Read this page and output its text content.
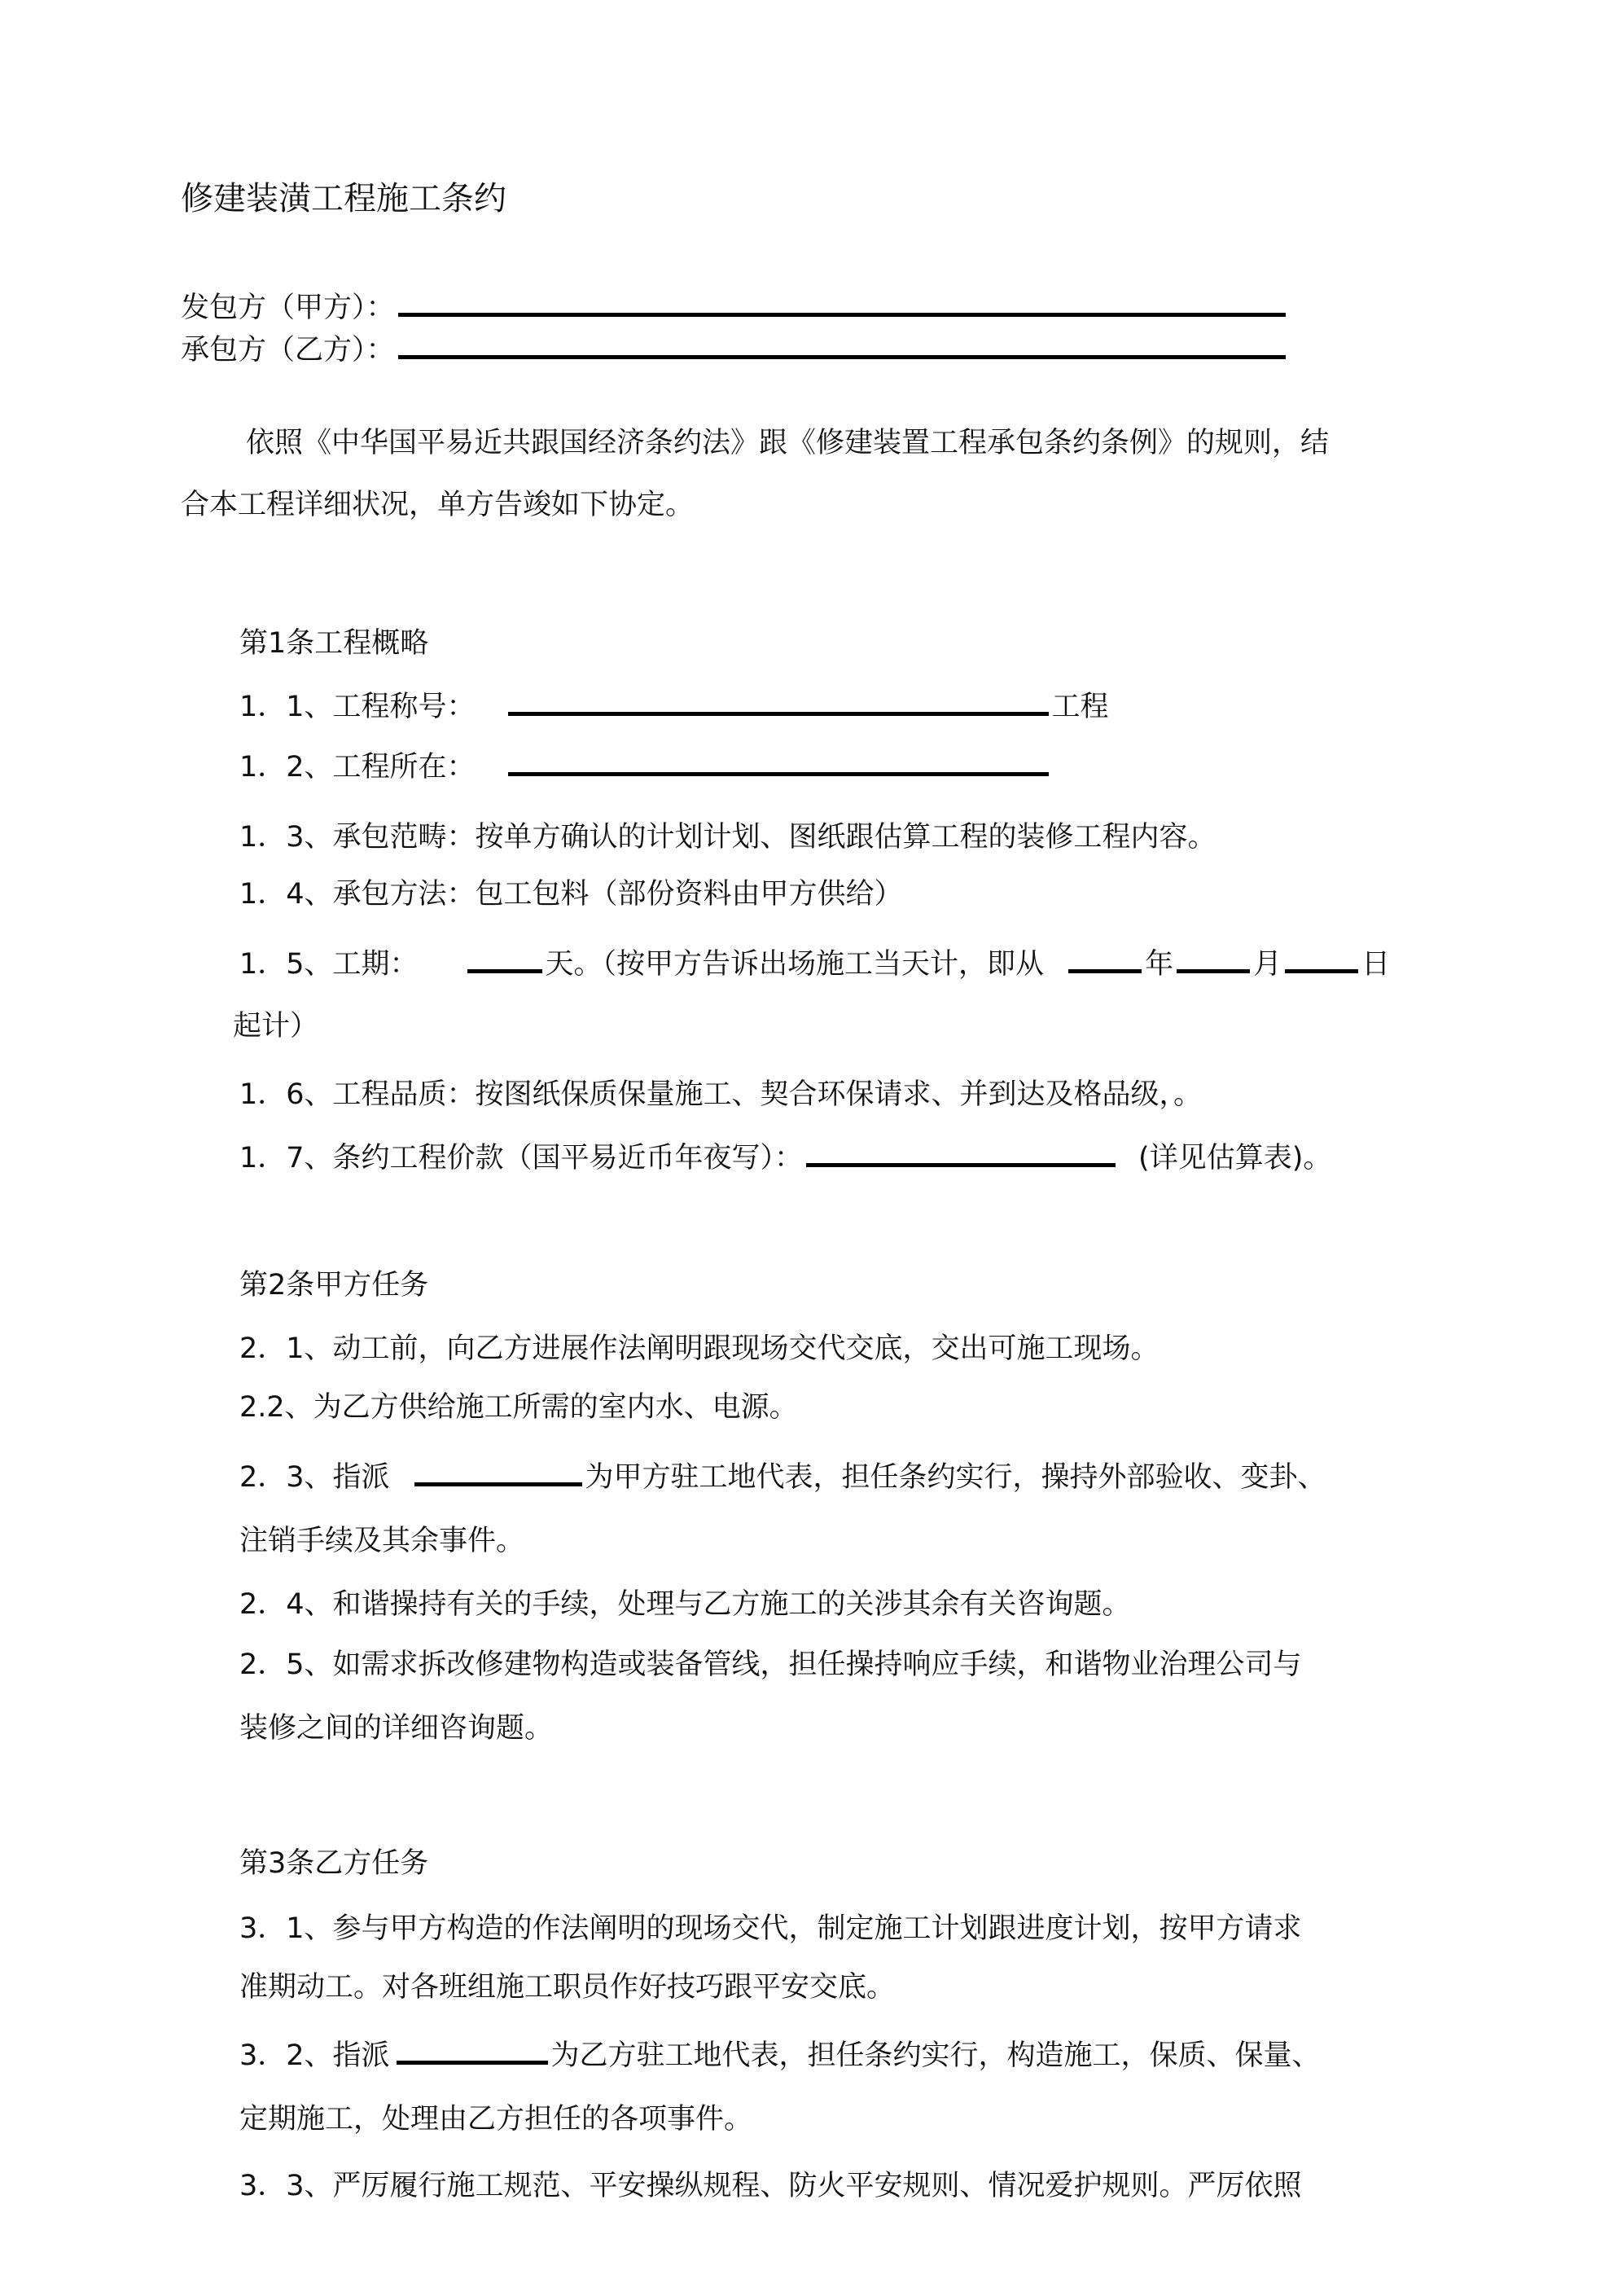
修建装潢工程施工条约
发包方（甲方）：
承包方（乙方）：
依照《中华国平易近共跟国经济条约法》跟《修建装置工程承包条约条例》的规则，结
合本工程详细状况，单方告竣如下协定。
第1条工程概略
1．1、工程称号：	工程
1．2、工程所在：
1．3、承包范畴：按单方确认的计划计划、图纸跟估算工程的装修工程内容。
1．4、承包方法：包工包料（部份资料由甲方供给）
1．5、工期：	天。（按甲方告诉出场施工当天计，即从	年	月	日
起计）
1．6、工程品质：按图纸保质保量施工、契合环保请求、并到达及格品级，。
1．7、条约工程价款（国平易近币年夜写）：	(详见估算表)。
第2条甲方任务
2．1、动工前，向乙方进展作法阐明跟现场交代交底，交出可施工现场。
2.2、为乙方供给施工所需的室内水、电源。
2．3、指派	为甲方驻工地代表，担任条约实行，操持外部验收、变卦、
注销手续及其余事件。
2．4、和谐操持有关的手续，处理与乙方施工的关涉其余有关咨询题。
2．5、如需求拆改修建物构造或装备管线，担任操持响应手续，和谐物业治理公司与
装修之间的详细咨询题。
第3条乙方任务
3．1、参与甲方构造的作法阐明的现场交代，制定施工计划跟进度计划，按甲方请求
准期动工。对各班组施工职员作好技巧跟平安交底。
3．2、指派	为乙方驻工地代表，担任条约实行，构造施工，保质、保量、
定期施工，处理由乙方担任的各项事件。
3．3、严厉履行施工规范、平安操纵规程、防火平安规则、情况爱护规则。严厉依照
